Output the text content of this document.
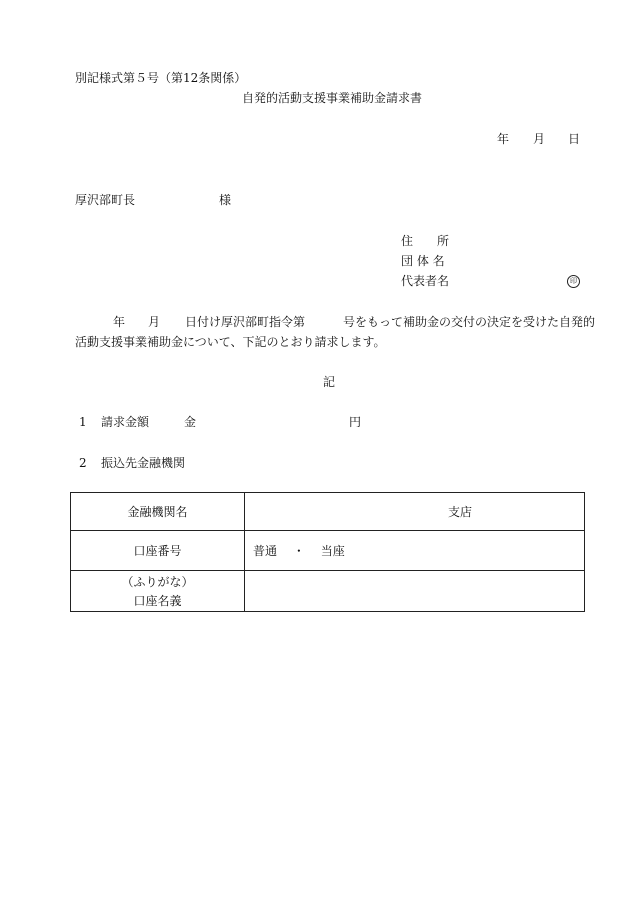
別記様式第５号（第12条関係）
自発的活動支援事業補助金請求書
年 月 日
厚沢部町長	様
住　　所
団 体 名
代表者名	印
年 月 日付け厚沢部町指令第	号をもって補助金の交付の決定を受けた自発的
活動支援事業補助金について、下記のとおり請求します。
記
1 請求金額	金	円
2 振込先金融機関
金融機関名	支店
口座番号	普通 ・ 当座

（ふりがな）
口座名義	
